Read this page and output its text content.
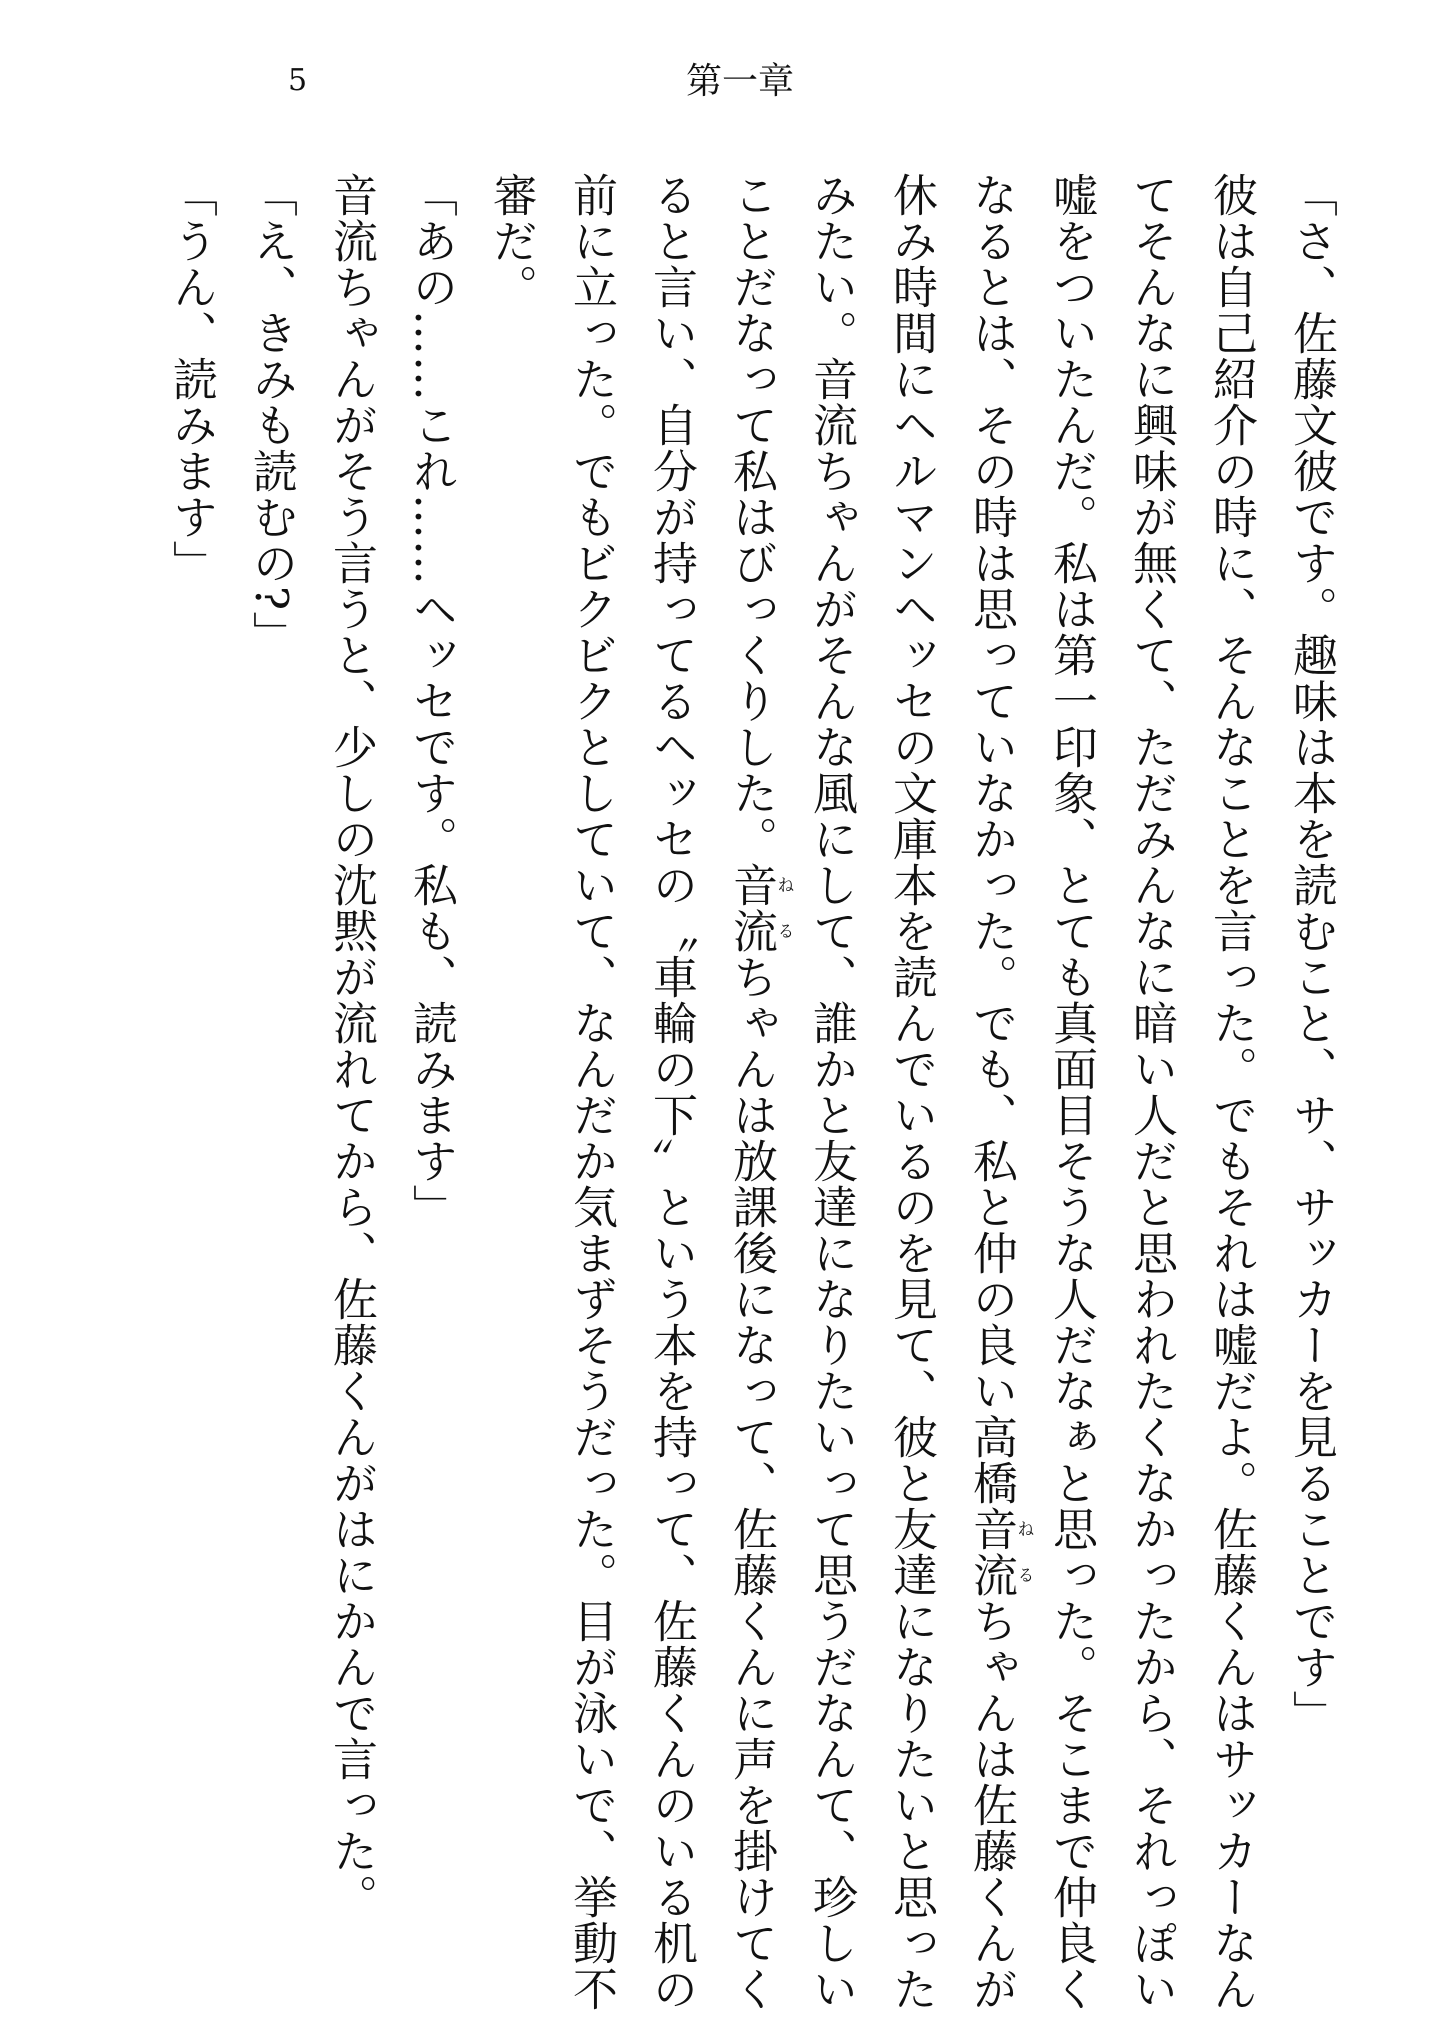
5	第一章

「さ、佐藤文彼です。趣味は本を読むこと、サ、サッカーを見ることです」

彼は自己紹介の時に、そんなことを言った。でもそれは嘘だよ。佐藤くんはサッカーなんてそんなに興味が無くて、ただみんなに暗い人だと思われたくなかったから、それっぽい嘘をついたんだ。私は第一印象、とても真面目そうな人だなぁと思った。そこまで仲良くなるとは、その時は思っていなかった。でも、私と仲の良い高橋音流ねるちゃんは佐藤くんが休み時間にヘルマンヘッセの文庫本を読んでいるのを見て、彼と友達になりたいと思ったみたい。音流ちゃんがそんな風にして、誰かと友達になりたいって思うだなんて、珍しいことだなって私はびっくりした。音流ねるちゃんは放課後になって、佐藤くんに声を掛けてくると言い、自分が持ってるヘッセの〝車輪の下〟という本を持って、佐藤くんのいる机の前に立った。でもビクビクとしていて、なんだか気まずそうだった。目が泳いで、挙動不審だ。

「あの……これ……ヘッセです。私も、読みます」

音流ちゃんがそう言うと、少しの沈黙が流れてから、佐藤くんがはにかんで言った。

「え、きみも読むの?」

「うん、読みます」
